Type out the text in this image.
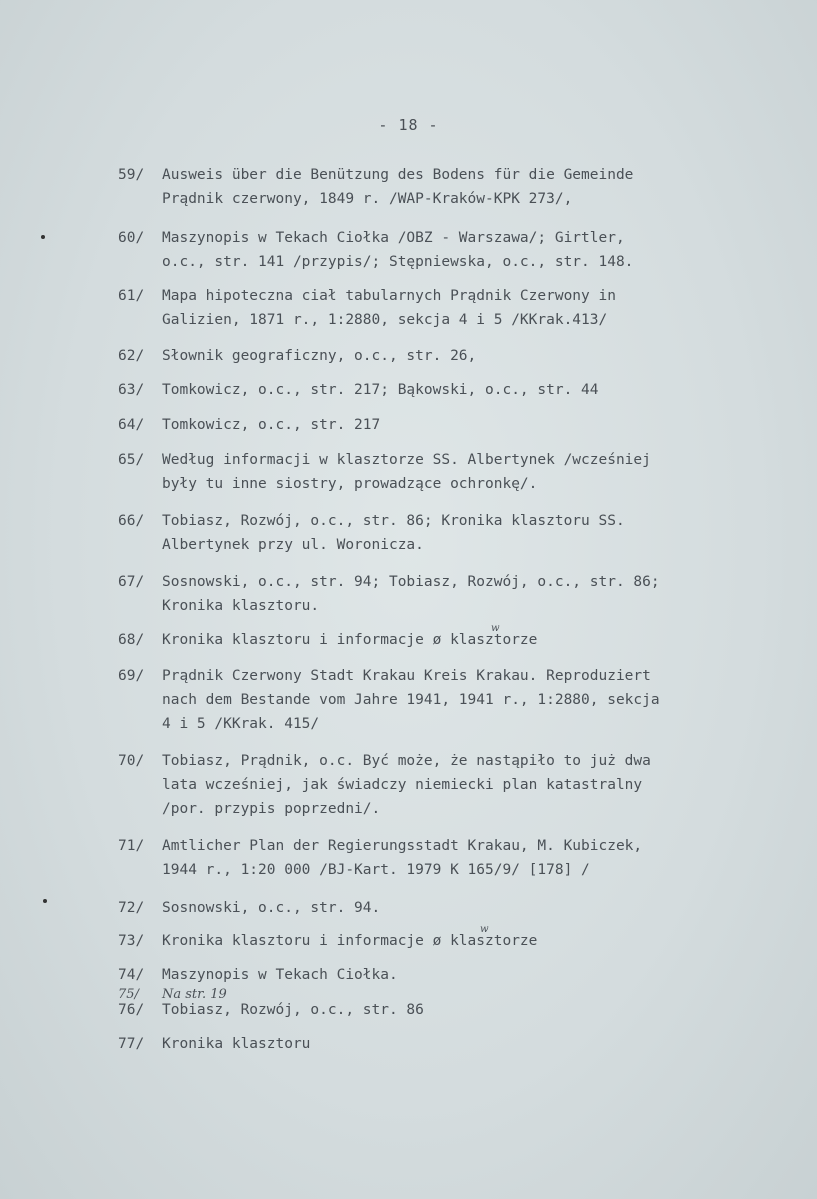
- 18 -
59/	Ausweis über die Benützung des Bodens für die Gemeinde
Prądnik czerwony, 1849 r. /WAP-Kraków-KPK 273/,
60/	Maszynopis w Tekach Ciołka /OBZ - Warszawa/; Girtler,
o.c., str. 141 /przypis/; Stępniewska, o.c., str. 148.
61/	Mapa hipoteczna ciał tabularnych Prądnik Czerwony in
Galizien, 1871 r., 1:2880, sekcja 4 i 5 /KKrak.413/
62/	Słownik geograficzny, o.c., str. 26,
63/	Tomkowicz, o.c., str. 217; Bąkowski, o.c., str. 44
64/	Tomkowicz, o.c., str. 217
65/	Według informacji w klasztorze SS. Albertynek /wcześniej
były tu inne siostry, prowadzące ochronkę/.
66/	Tobiasz, Rozwój, o.c., str. 86; Kronika klasztoru SS.
Albertynek przy ul. Woronicza.
67/	Sosnowski, o.c., str. 94; Tobiasz, Rozwój, o.c., str. 86;
Kronika klasztoru.
68/	Kronika klasztoru i informacje ø klasztorze
w
69/	Prądnik Czerwony Stadt Krakau Kreis Krakau. Reproduziert
nach dem Bestande vom Jahre 1941, 1941 r., 1:2880, sekcja
4 i 5 /KKrak. 415/
70/	Tobiasz, Prądnik, o.c. Być może, że nastąpiło to już dwa
lata wcześniej, jak świadczy niemiecki plan katastralny
/por. przypis poprzedni/.
71/	Amtlicher Plan der Regierungsstadt Krakau, M. Kubiczek,
1944 r., 1:20 000 /BJ-Kart. 1979 K 165/9/ [178] /
72/	Sosnowski, o.c., str. 94.
73/	Kronika klasztoru i informacje ø klasztorze
w
74/	Maszynopis w Tekach Ciołka.
75/	Na str. 19
76/	Tobiasz, Rozwój, o.c., str. 86
77/	Kronika klasztoru
